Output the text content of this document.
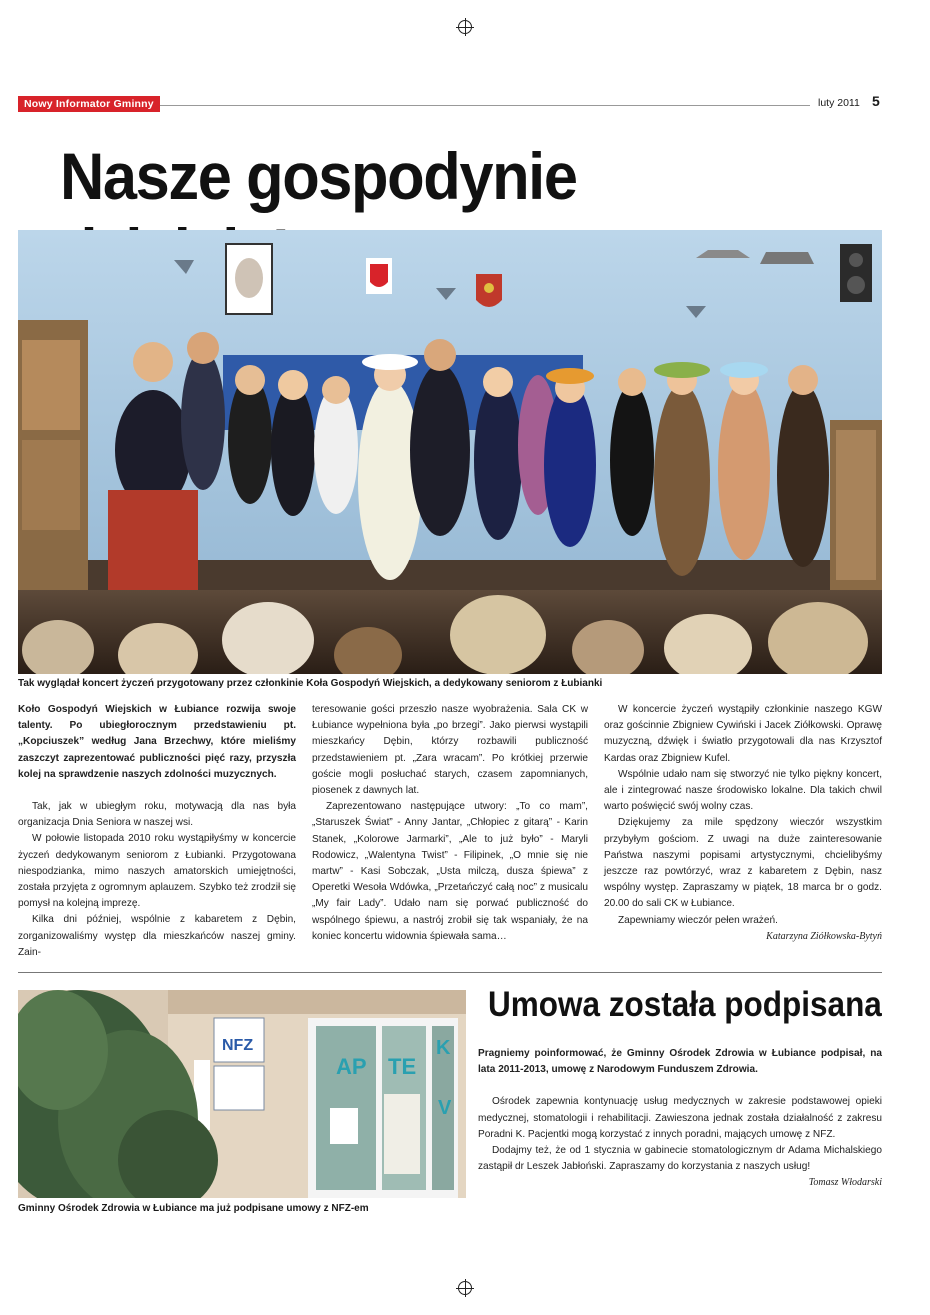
Nowy Informator Gminny	luty 2011 5
Nasze gospodynie
Tak wyglądał koncert życzeń przygotowany przez członkinie Koła Gospodyń Wiejskich, a dedykowany seniorom z Łubianki

Koło Gospodyń Wiejskich w Łubiance rozwija swoje talenty. Po ubiegłorocznym przedstawieniu pt. „Kopciuszek” według Jana Brzechwy, które mieliśmy zaszczyt zaprezentować publiczności pięć razy, przyszła kolej na sprawdzenie naszych zdolności muzycznych.

Tak, jak w ubiegłym roku, motywacją dla nas była organizacja Dnia Seniora w naszej wsi.

W połowie listopada 2010 roku wystąpiłyśmy w koncercie życzeń dedykowanym seniorom z Łubianki. Przygotowana niespodzianka, mimo naszych amatorskich umiejętności, została przyjęta z ogromnym aplauzem. Szybko też zrodził się pomysł na kolejną imprezę.

Kilka dni później, wspólnie z kabaretem z Dębin, zorganizowaliśmy występ dla mieszkańców naszej gminy. Zain-

teresowanie gości przeszło nasze wyobrażenia. Sala CK w Łubiance wypełniona była „po brzegi”. Jako pierwsi wystąpili mieszkańcy Dębin, którzy rozbawili publiczność przedstawieniem pt. „Zara wracam”. Po krótkiej przerwie goście mogli posłuchać starych, czasem zapomnianych, piosenek z dawnych lat.

Zaprezentowano następujące utwory: „To co mam”, „Staruszek Świat” - Anny Jantar, „Chłopiec z gitarą” - Karin Stanek, „Kolorowe Jarmarki”, „Ale to już było” - Maryli Rodowicz, „Walentyna Twist” - Filipinek, „O mnie się nie martw” - Kasi Sobczak, „Usta milczą, dusza śpiewa” z Operetki Wesoła Wdówka, „Przetańczyć całą noc” z musicalu „My fair Lady”. Udało nam się porwać publiczność do wspólnego śpiewu, a nastrój zrobił się tak wspaniały, że na koniec koncertu widownia śpiewała sama…

W koncercie życzeń wystąpiły członkinie naszego KGW oraz gościnnie Zbigniew Cywiński i Jacek Ziółkowski. Oprawę muzyczną, dźwięk i światło przygotowali dla nas Krzysztof Kardas oraz Zbigniew Kufel.

Wspólnie udało nam się stworzyć nie tylko piękny koncert, ale i zintegrować nasze środowisko lokalne. Dla takich chwil warto poświęcić swój wolny czas.

Dziękujemy za mile spędzony wieczór wszystkim przybyłym gościom. Z uwagi na duże zainteresowanie Państwa naszymi popisami artystycznymi, chcielibyśmy jeszcze raz powtórzyć, wraz z kabaretem z Dębin, nasz wspólny występ. Zapraszamy w piątek, 18 marca br o godz. 20.00 do sali CK w Łubiance.

Zapewniamy wieczór pełen wrażeń.

Katarzyna Ziółkowska-Bytyń
AP TE
K
V
NFZ
Gminny Ośrodek Zdrowia w Łubiance ma już podpisane umowy z NFZ-em
Umowa została podpisana

Pragniemy poinformować, że Gminny Ośrodek Zdrowia w Łubiance podpisał, na lata 2011-2013, umowę z Narodowym Funduszem Zdrowia.

Ośrodek zapewnia kontynuację usług medycznych w zakresie podstawowej opieki medycznej, stomatologii i rehabilitacji. Zawieszona jednak została działalność z zakresu Poradni K. Pacjentki mogą korzystać z innych poradni, mających umowę z NFZ.

Dodajmy też, że od 1 stycznia w gabinecie stomatologicznym dr Adama Michalskiego zastąpił dr Leszek Jabłoński. Zapraszamy do korzystania z naszych usług!

Tomasz Włodarski
